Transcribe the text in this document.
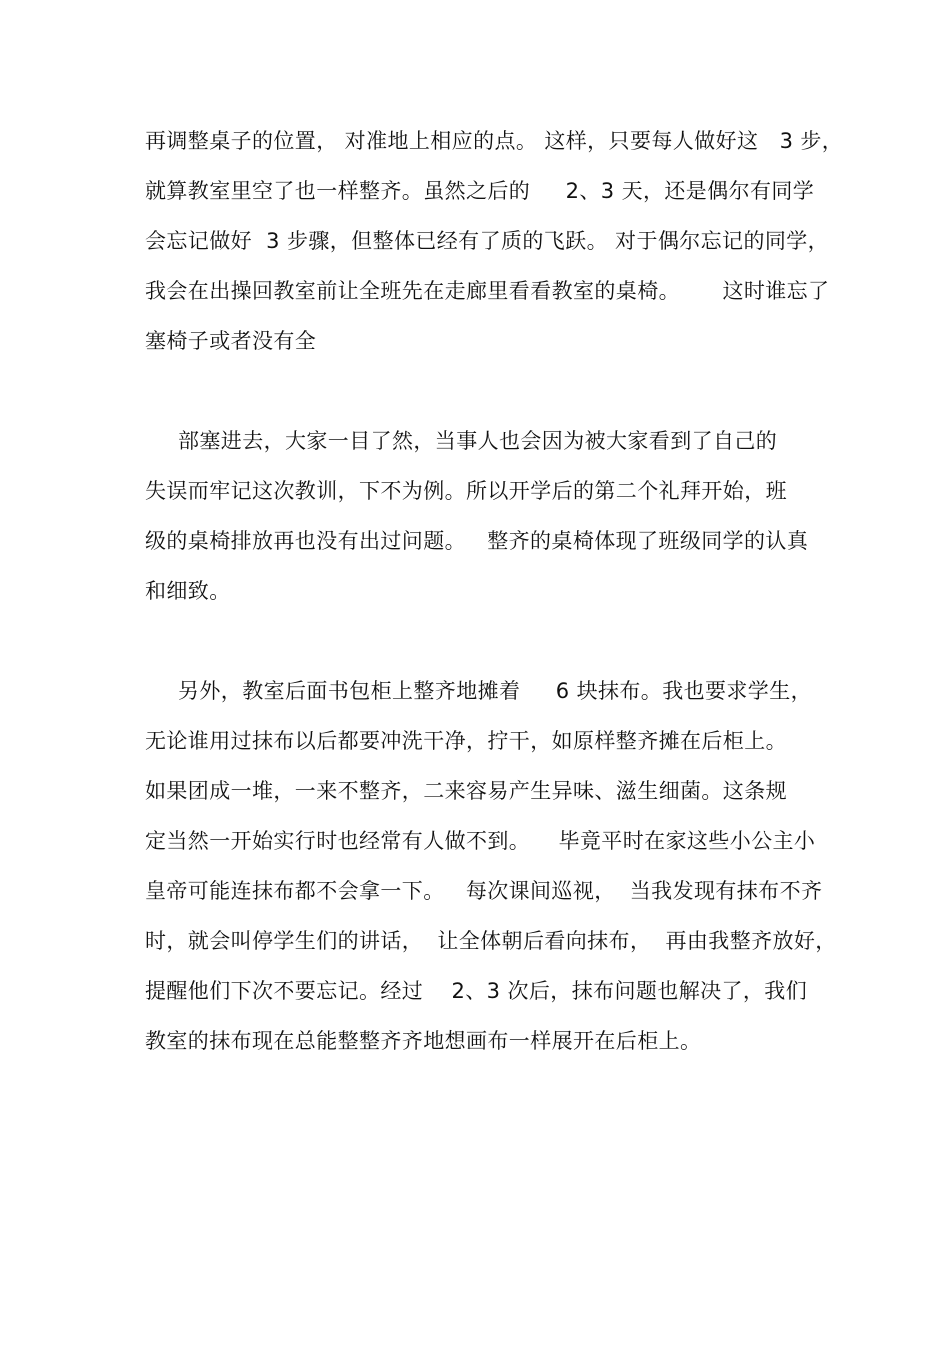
再调整桌子的位置， 对准地上相应的点。 这样，只要每人做好这   3 步，
就算教室里空了也一样整齐。虽然之后的     2、3 天，还是偶尔有同学
会忘记做好  3 步骤，但整体已经有了质的飞跃。 对于偶尔忘记的同学，
我会在出操回教室前让全班先在走廊里看看教室的桌椅。      这时谁忘了
塞椅子或者没有全
部塞进去，大家一目了然，当事人也会因为被大家看到了自己的
失误而牢记这次教训，下不为例。所以开学后的第二个礼拜开始，班
级的桌椅排放再也没有出过问题。   整齐的桌椅体现了班级同学的认真
和细致。
另外，教室后面书包柜上整齐地摊着     6 块抹布。我也要求学生，
无论谁用过抹布以后都要冲洗干净，拧干，如原样整齐摊在后柜上。
如果团成一堆，一来不整齐，二来容易产生异味、滋生细菌。这条规
定当然一开始实行时也经常有人做不到。    毕竟平时在家这些小公主小
皇帝可能连抹布都不会拿一下。   每次课间巡视，  当我发现有抹布不齐
时，就会叫停学生们的讲话，  让全体朝后看向抹布，  再由我整齐放好，
提醒他们下次不要忘记。经过    2、3 次后，抹布问题也解决了，我们
教室的抹布现在总能整整齐齐地想画布一样展开在后柜上。
